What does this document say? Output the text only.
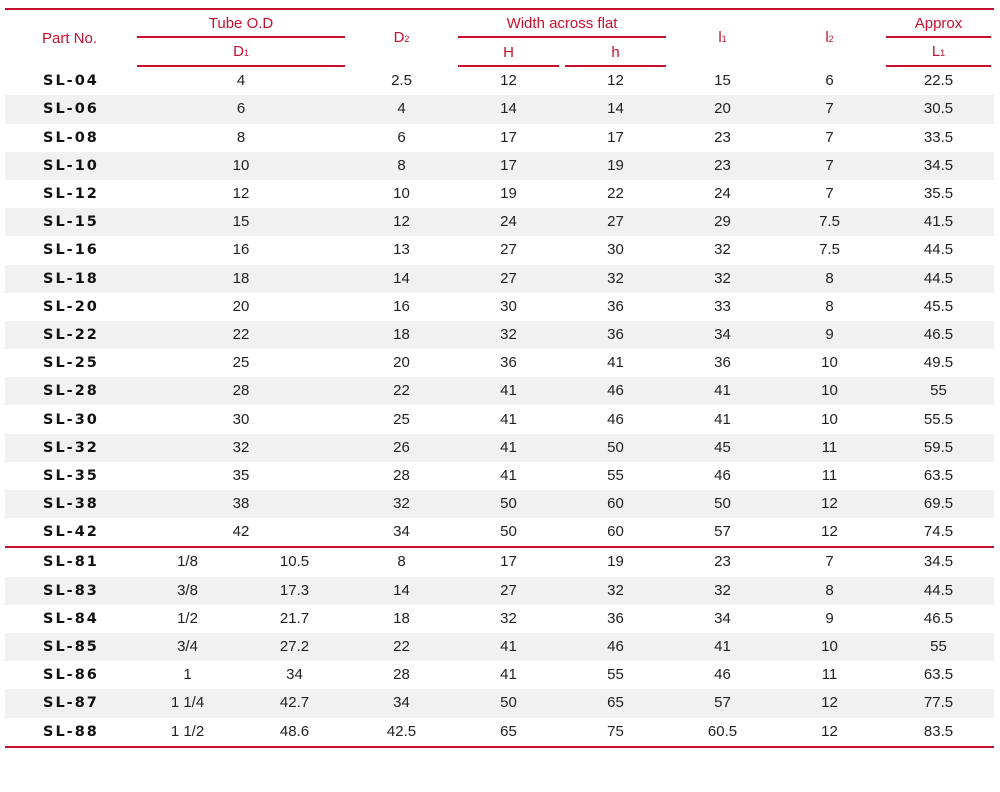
Part No.	Tube O.D		D2	Width across flat		l1	l2	Approx
	D1			H	h			L1
SL-04	4		2.5	12	12	15	6	22.5
SL-06	6		4	14	14	20	7	30.5
SL-08	8		6	17	17	23	7	33.5
SL-10	10		8	17	19	23	7	34.5
SL-12	12		10	19	22	24	7	35.5
SL-15	15		12	24	27	29	7.5	41.5
SL-16	16		13	27	30	32	7.5	44.5
SL-18	18		14	27	32	32	8	44.5
SL-20	20		16	30	36	33	8	45.5
SL-22	22		18	32	36	34	9	46.5
SL-25	25		20	36	41	36	10	49.5
SL-28	28		22	41	46	41	10	55
SL-30	30		25	41	46	41	10	55.5
SL-32	32		26	41	50	45	11	59.5
SL-35	35		28	41	55	46	11	63.5
SL-38	38		32	50	60	50	12	69.5
SL-42	42		34	50	60	57	12	74.5
SL-81	1/8	10.5	8	17	19	23	7	34.5
SL-83	3/8	17.3	14	27	32	32	8	44.5
SL-84	1/2	21.7	18	32	36	34	9	46.5
SL-85	3/4	27.2	22	41	46	41	10	55
SL-86	1	34	28	41	55	46	11	63.5
SL-87	1 1/4	42.7	34	50	65	57	12	77.5
SL-88	1 1/2	48.6	42.5	65	75	60.5	12	83.5
